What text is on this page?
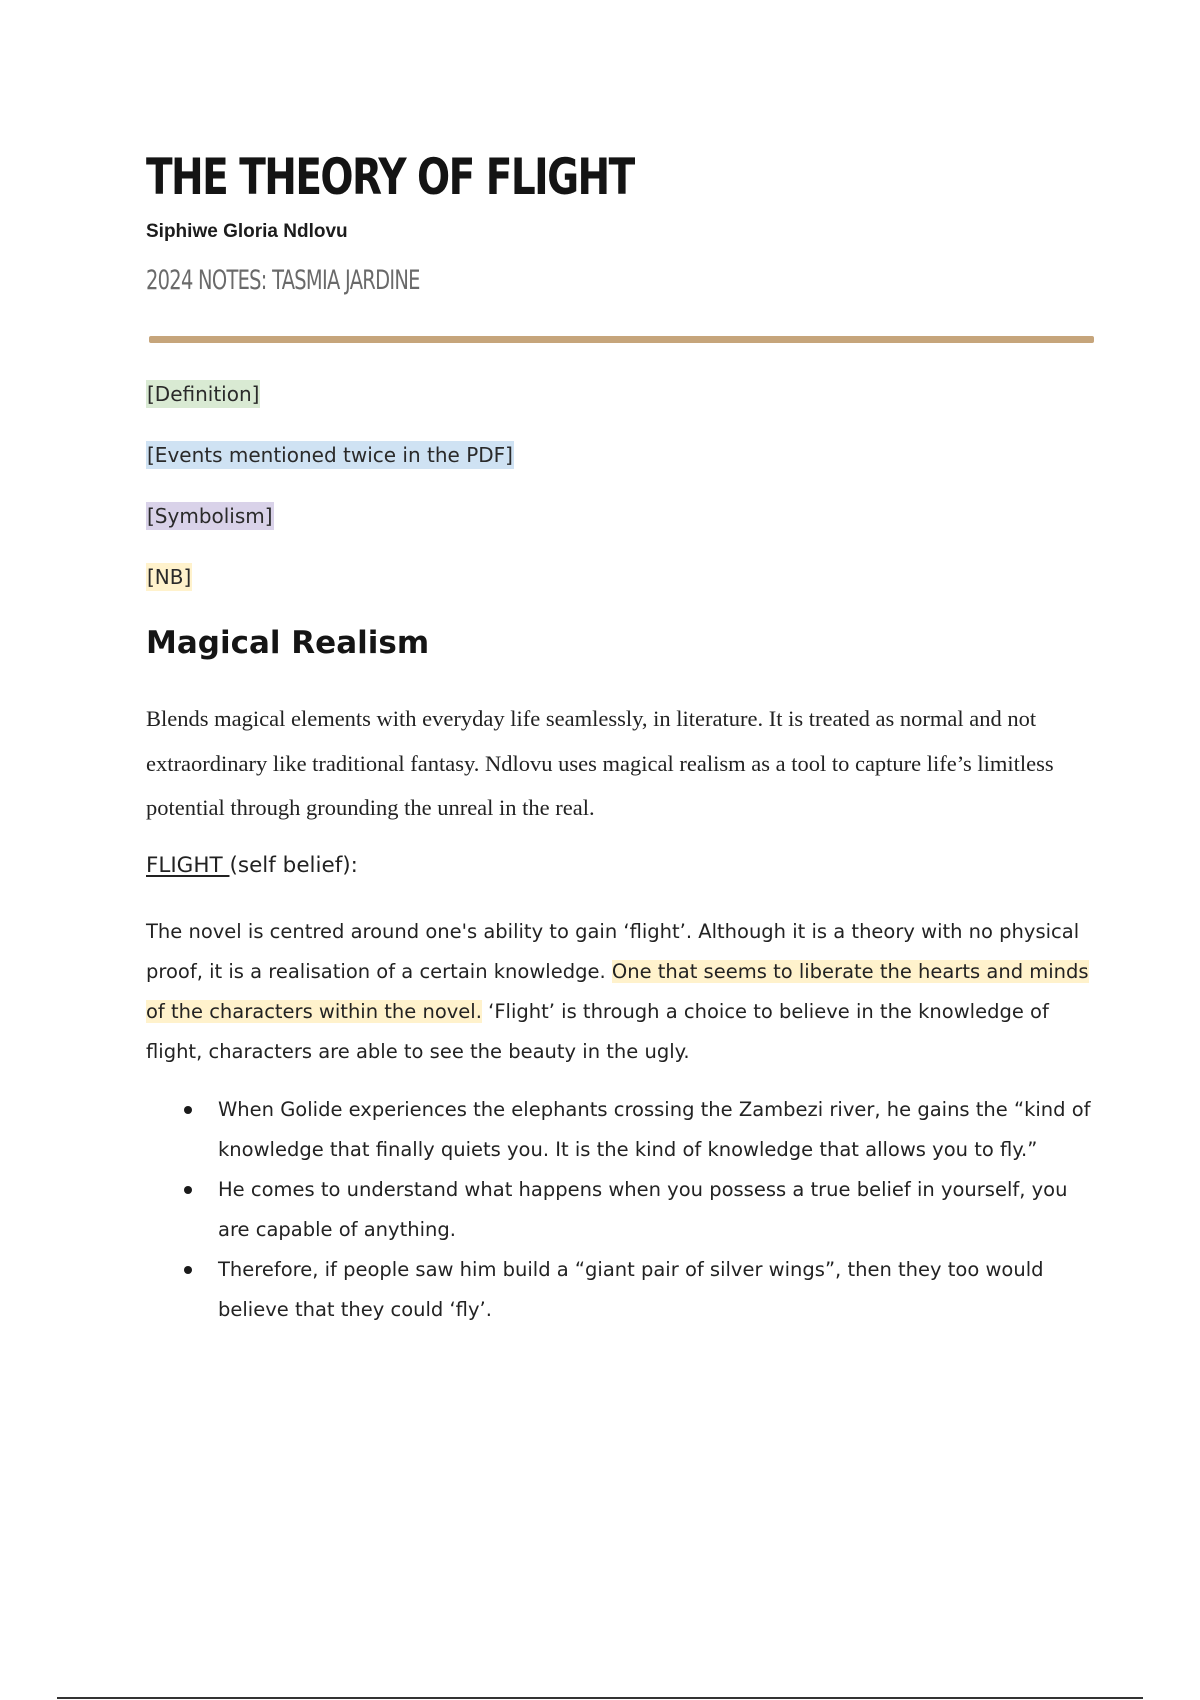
THE THEORY OF FLIGHT
Siphiwe Gloria Ndlovu
2024 NOTES: TASMIA JARDINE
[Definition]
[Events mentioned twice in the PDF]
[Symbolism]
[NB]
Magical Realism

Blends magical elements with everyday life seamlessly, in literature. It is treated as normal and not extraordinary like traditional fantasy. Ndlovu uses magical realism as a tool to capture life’s limitless potential through grounding the unreal in the real.

FLIGHT (self belief):

The novel is centred around one's ability to gain ‘flight’. Although it is a theory with no physical proof, it is a realisation of a certain knowledge. One that seems to liberate the hearts and minds of the characters within the novel. ‘Flight’ is through a choice to believe in the knowledge of flight, characters are able to see the beauty in the ugly.

When Golide experiences the elephants crossing the Zambezi river, he gains the “kind of knowledge that finally quiets you. It is the kind of knowledge that allows you to fly.”
He comes to understand what happens when you possess a true belief in yourself, you are capable of anything.
Therefore, if people saw him build a “giant pair of silver wings”, then they too would believe that they could ‘fly’.
